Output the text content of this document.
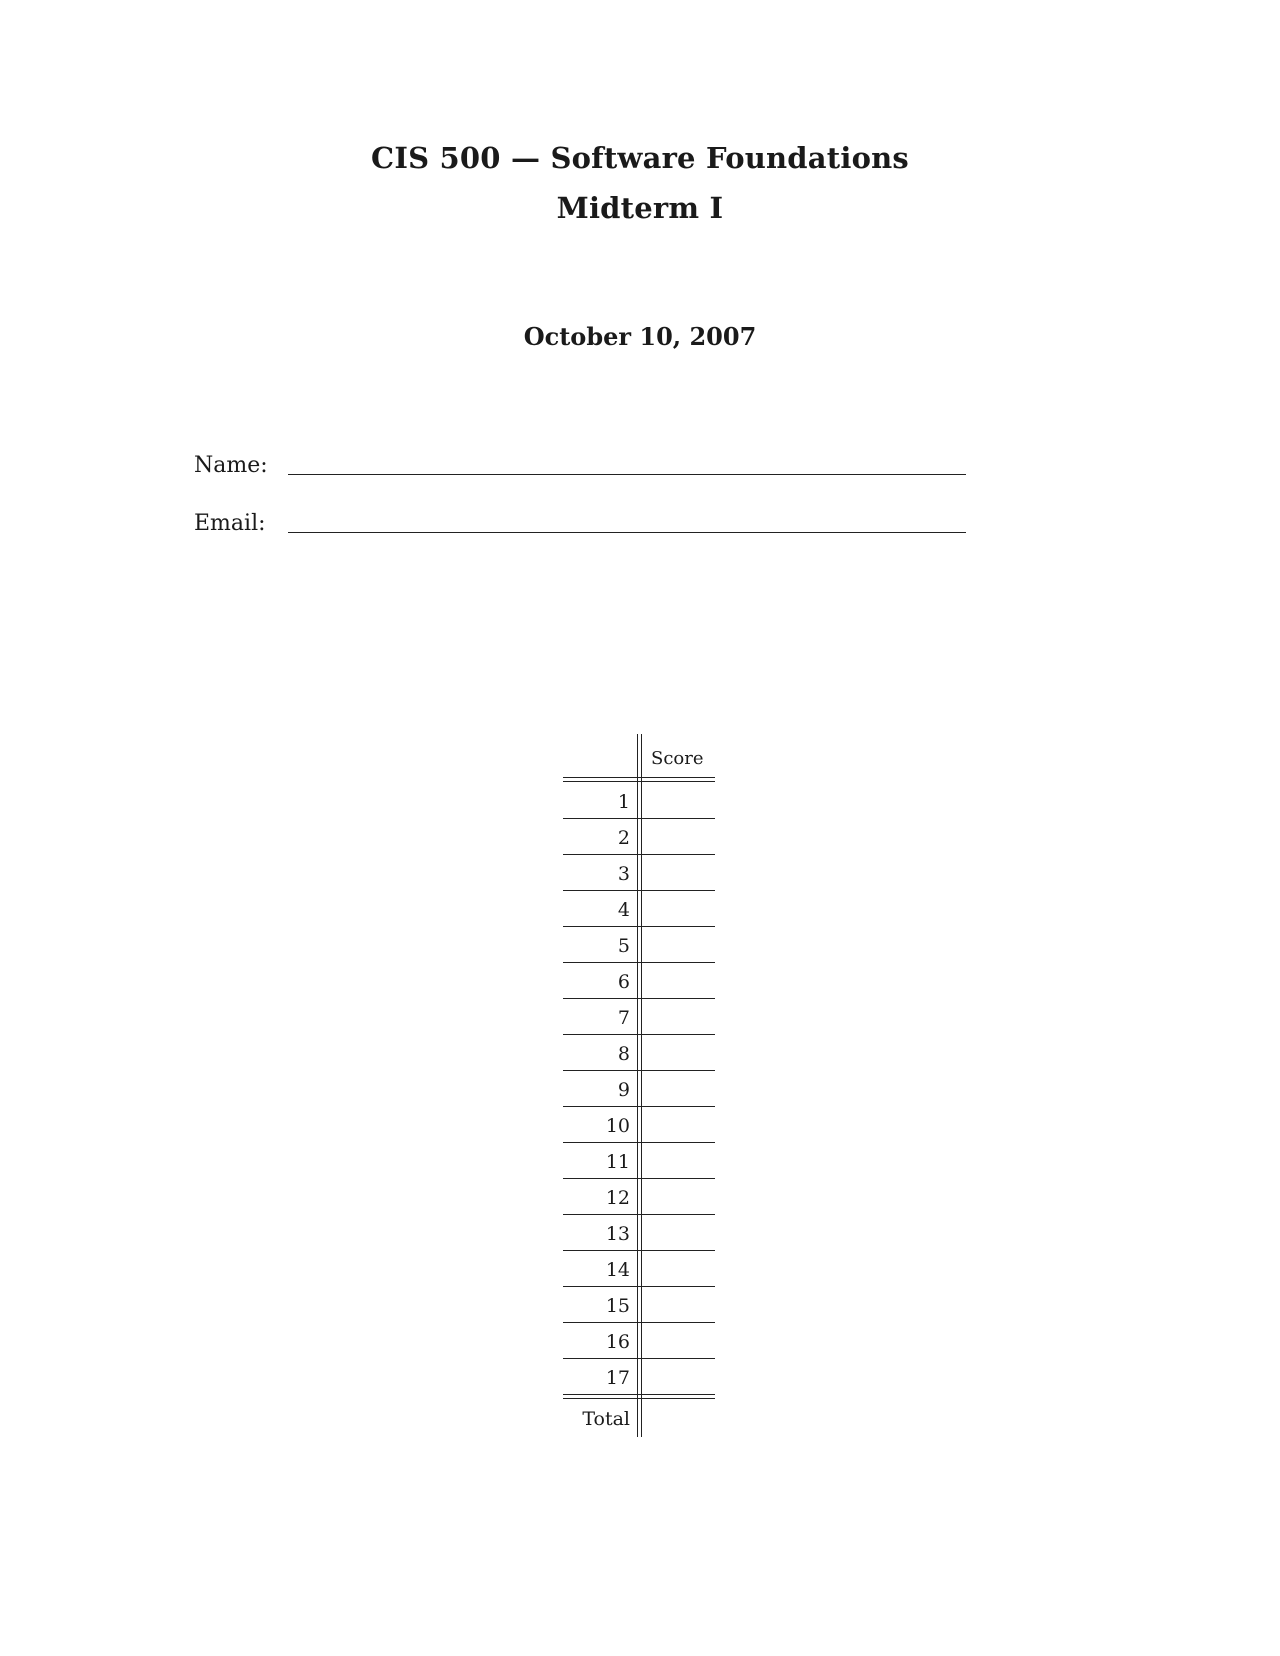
CIS 500 — Software Foundations
Midterm I
October 10, 2007
Name:
Email:
Score
1
2
3
4
5
6
7
8
9
10
11
12
13
14
15
16
17
Total
